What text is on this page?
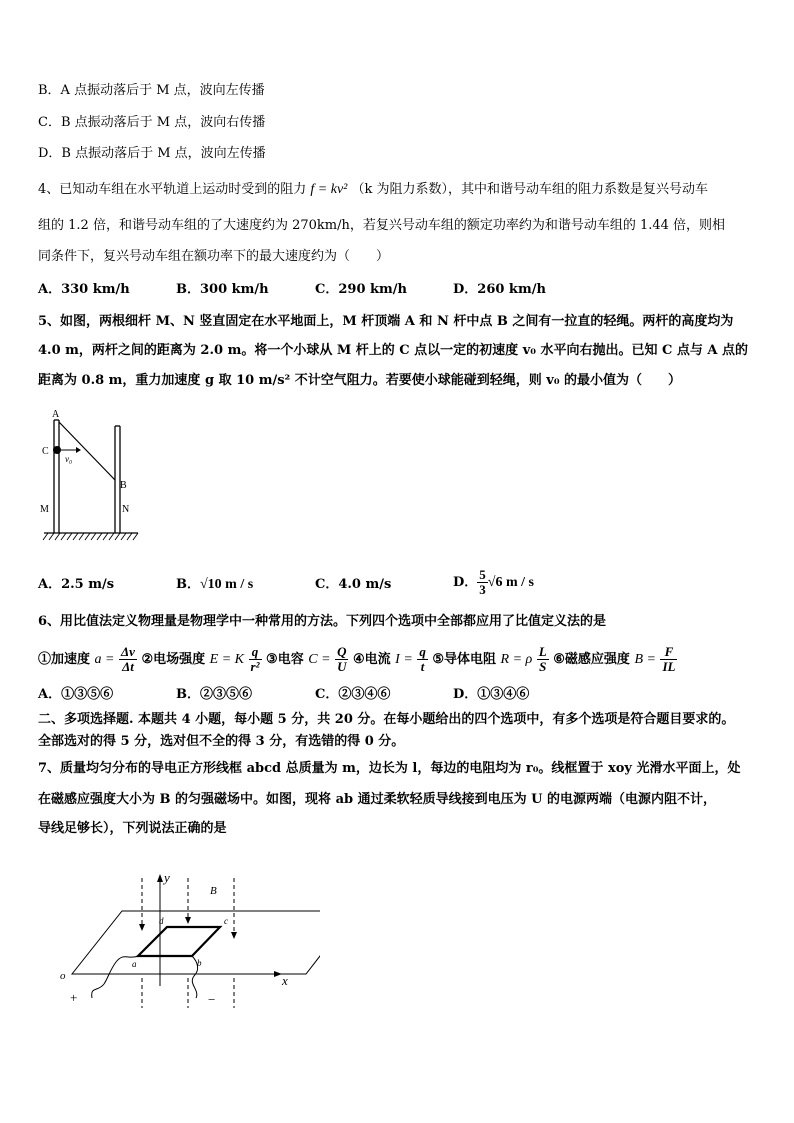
B．A 点振动落后于 M 点，波向左传播
C．B 点振动落后于 M 点，波向右传播
D．B 点振动落后于 M 点，波向左传播
4、已知动车组在水平轨道上运动时受到的阻力 f = kv² （k 为阻力系数），其中和谐号动车组的阻力系数是复兴号动车
组的 1.2 倍，和谐号动车组的了大速度约为 270km/h，若复兴号动车组的额定功率约为和谐号动车组的 1.44 倍，则相
同条件下，复兴号动车组在额功率下的最大速度约为（　　）
A．330 km/h	B．300 km/h	C．290 km/h	D．260 km/h
5、如图，两根细杆 M、N 竖直固定在水平地面上，M 杆顶端 A 和 N 杆中点 B 之间有一拉直的轻绳。两杆的高度均为
4.0 m，两杆之间的距离为 2.0 m。将一个小球从 M 杆上的 C 点以一定的初速度 v₀ 水平向右抛出。已知 C 点与 A 点的
距离为 0.8 m，重力加速度 g 取 10 m/s² 不计空气阻力。若要使小球能碰到轻绳，则 v₀ 的最小值为（　　）
A
C
v₀
B
M	N
A．2.5 m/s	B．√10 m / s	C．4.0 m/s	D． $\frac{5}{3} √6$ m / s
6、用比值法定义物理量是物理学中一种常用的方法。下列四个选项中全部都应用了比值定义法的是
①加速度 $a = \frac{\Delta v}{\Delta t}$ ②电场强度 E = K $\frac{q}{\text{r²}}$ ③电容 $C = \frac{Q}{U}$ ④电流 $I = \frac{q}{t}$ ⑤导体电阻 R = ρ $\frac{L}{S}$ ⑥磁感应强度 $B = \frac{F}{IL}$
A．①③⑤⑥	B．②③⑤⑥	C．②③④⑥	D．①③④⑥
二、多项选择题. 本题共 4 小题，每小题 5 分，共 20 分。在每小题给出的四个选项中，有多个选项是符合题目要求的。
全部选对的得 5 分，选对但不全的得 3 分，有选错的得 0 分。
7、质量均匀分布的导电正方形线框 abcd 总质量为 m，边长为 l，每边的电阻均为 r₀。线框置于 xoy 光滑水平面上，处
在磁感应强度大小为 B 的匀强磁场中。如图，现将 ab 通过柔软轻质导线接到电压为 U 的电源两端（电源内阻不计，
导线足够长），下列说法正确的是
y
B
o	x
a	b
c
d
+	−
